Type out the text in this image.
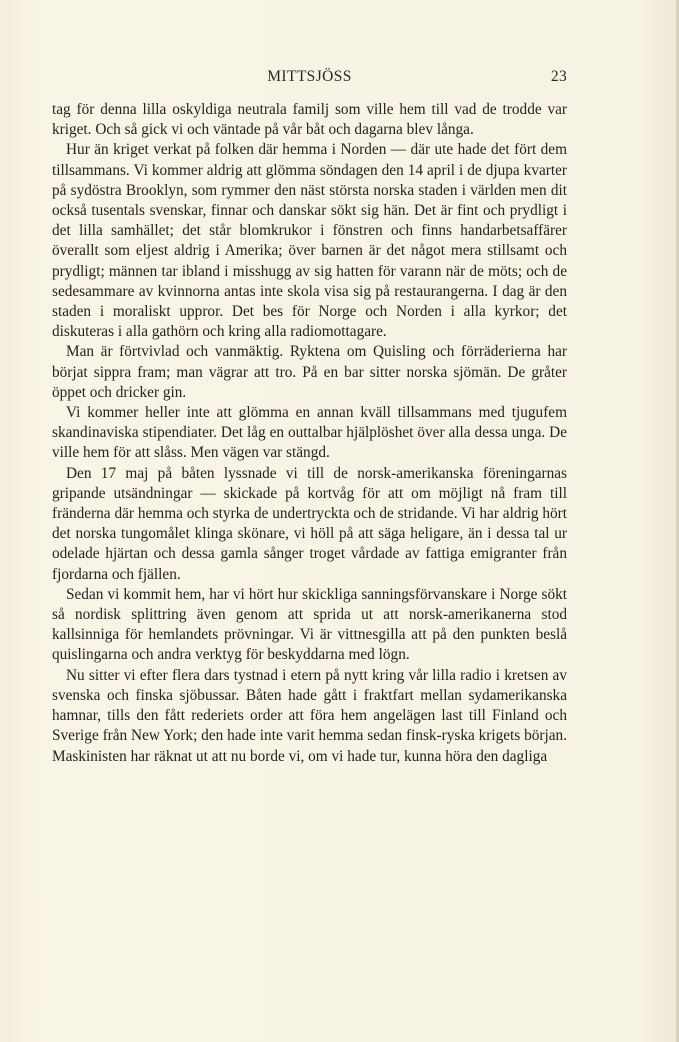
MITTSJÖSS	23

tag för denna lilla oskyldiga neutrala familj som ville hem till vad de trodde var kriget. Och så gick vi och väntade på vår båt och dagarna blev långa.

Hur än kriget verkat på folken där hemma i Norden — där ute hade det fört dem tillsammans. Vi kommer aldrig att glömma söndagen den 14 april i de djupa kvarter på sydöstra Brooklyn, som rymmer den näst största norska staden i världen men dit också tusentals svenskar, finnar och danskar sökt sig hän. Det är fint och prydligt i det lilla samhället; det står blomkrukor i fönstren och finns handarbetsaffärer överallt som eljest aldrig i Amerika; över barnen är det något mera stillsamt och prydligt; männen tar ibland i misshugg av sig hatten för varann när de möts; och de sedesammare av kvinnorna antas inte skola visa sig på restaurangerna. I dag är den staden i moraliskt uppror. Det bes för Norge och Norden i alla kyrkor; det diskuteras i alla gathörn och kring alla radiomottagare.

Man är förtvivlad och vanmäktig. Ryktena om Quisling och förräderierna har börjat sippra fram; man vägrar att tro. På en bar sitter norska sjömän. De gråter öppet och dricker gin.

Vi kommer heller inte att glömma en annan kväll tillsammans med tjugufem skandinaviska stipendiater. Det låg en outtalbar hjälplöshet över alla dessa unga. De ville hem för att slåss. Men vägen var stängd.

Den 17 maj på båten lyssnade vi till de norsk-amerikanska föreningarnas gripande utsändningar — skickade på kortvåg för att om möjligt nå fram till fränderna där hemma och styrka de undertryckta och de stridande. Vi har aldrig hört det norska tungomålet klinga skönare, vi höll på att säga heligare, än i dessa tal ur odelade hjärtan och dessa gamla sånger troget vårdade av fattiga emigranter från fjordarna och fjällen.

Sedan vi kommit hem, har vi hört hur skickliga sanningsförvanskare i Norge sökt så nordisk splittring även genom att sprida ut att norsk-amerikanerna stod kallsinniga för hemlandets prövningar. Vi är vittnesgilla att på den punkten beslå quislingarna och andra verktyg för beskyddarna med lögn.

Nu sitter vi efter flera dars tystnad i etern på nytt kring vår lilla radio i kretsen av svenska och finska sjöbussar. Båten hade gått i fraktfart mellan sydamerikanska hamnar, tills den fått rederiets order att föra hem angelägen last till Finland och Sverige från New York; den hade inte varit hemma sedan finsk-ryska krigets början. Maskinisten har räknat ut att nu borde vi, om vi hade tur, kunna höra den dagliga
